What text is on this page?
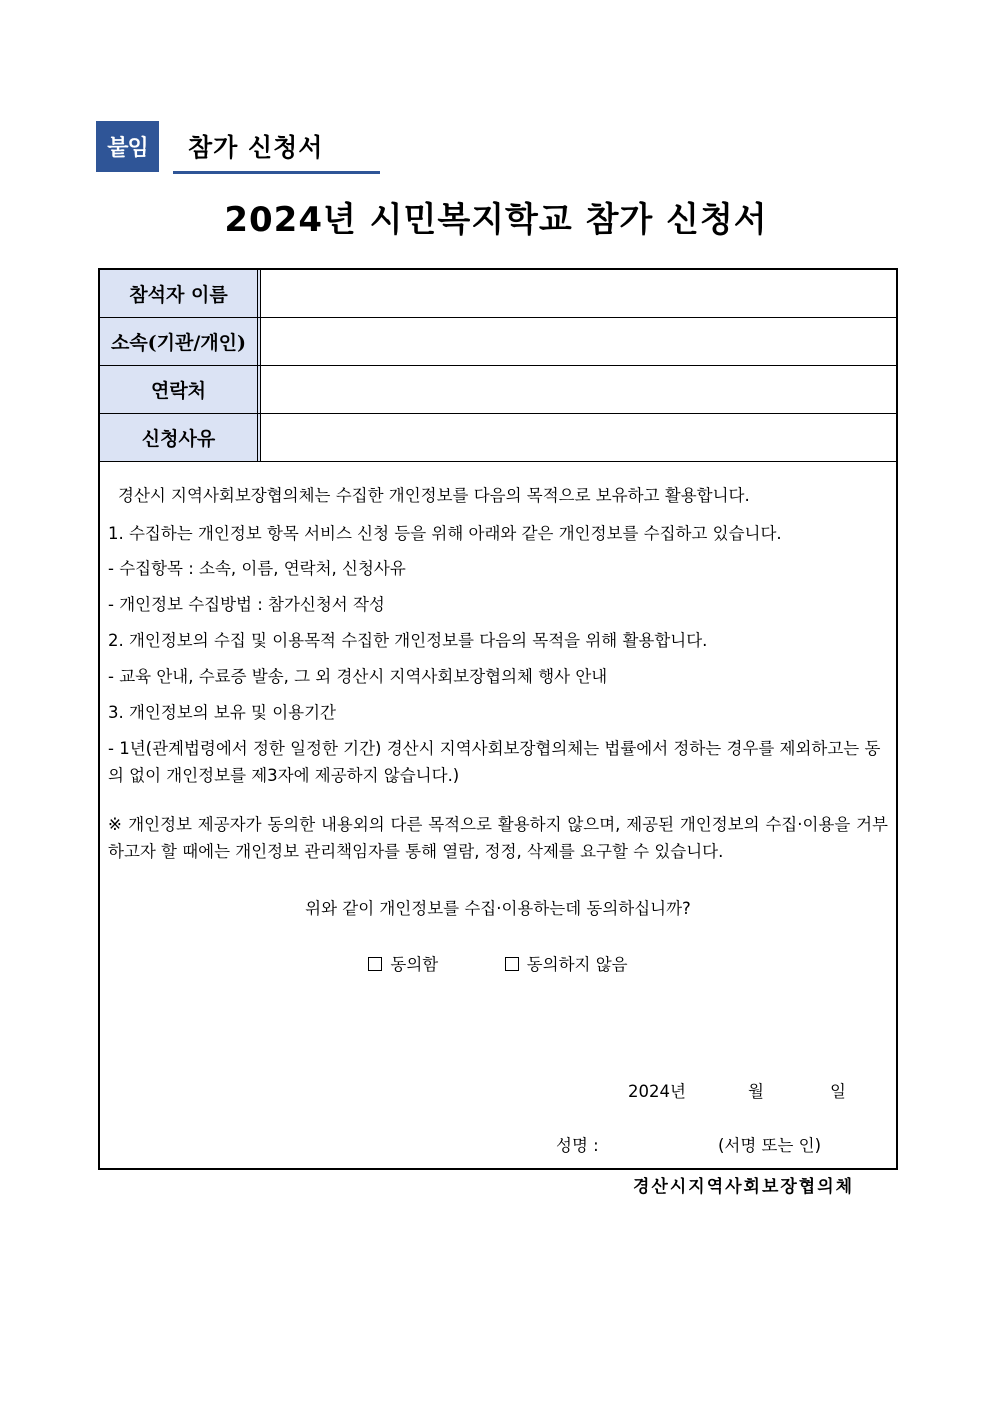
붙임	참가 신청서
2024년 시민복지학교 참가 신청서
참석자 이름
소속(기관/개인)
연락처
신청사유

경산시 지역사회보장협의체는 수집한 개인정보를 다음의 목적으로 보유하고 활용합니다.

1. 수집하는 개인정보 항목 서비스 신청 등을 위해 아래와 같은 개인정보를 수집하고 있습니다.

- 수집항목 : 소속, 이름, 연락처, 신청사유

- 개인정보 수집방법 : 참가신청서 작성

2. 개인정보의 수집 및 이용목적 수집한 개인정보를 다음의 목적을 위해 활용합니다.

- 교육 안내, 수료증 발송, 그 외 경산시 지역사회보장협의체 행사 안내

3. 개인정보의 보유 및 이용기간

- 1년(관계법령에서 정한 일정한 기간) 경산시 지역사회보장협의체는 법률에서 정하는 경우를 제외하고는 동의 없이 개인정보를 제3자에 제공하지 않습니다.)

※ 개인정보 제공자가 동의한 내용외의 다른 목적으로 활용하지 않으며, 제공된 개인정보의 수집·이용을 거부하고자 할 때에는 개인정보 관리책임자를 통해 열람, 정정, 삭제를 요구할 수 있습니다.

위와 같이 개인정보를 수집·이용하는데 동의하십니까?

동의함	동의하지 않음

2024년	월	일
성명 :	(서명 또는 인)
경산시지역사회보장협의체
